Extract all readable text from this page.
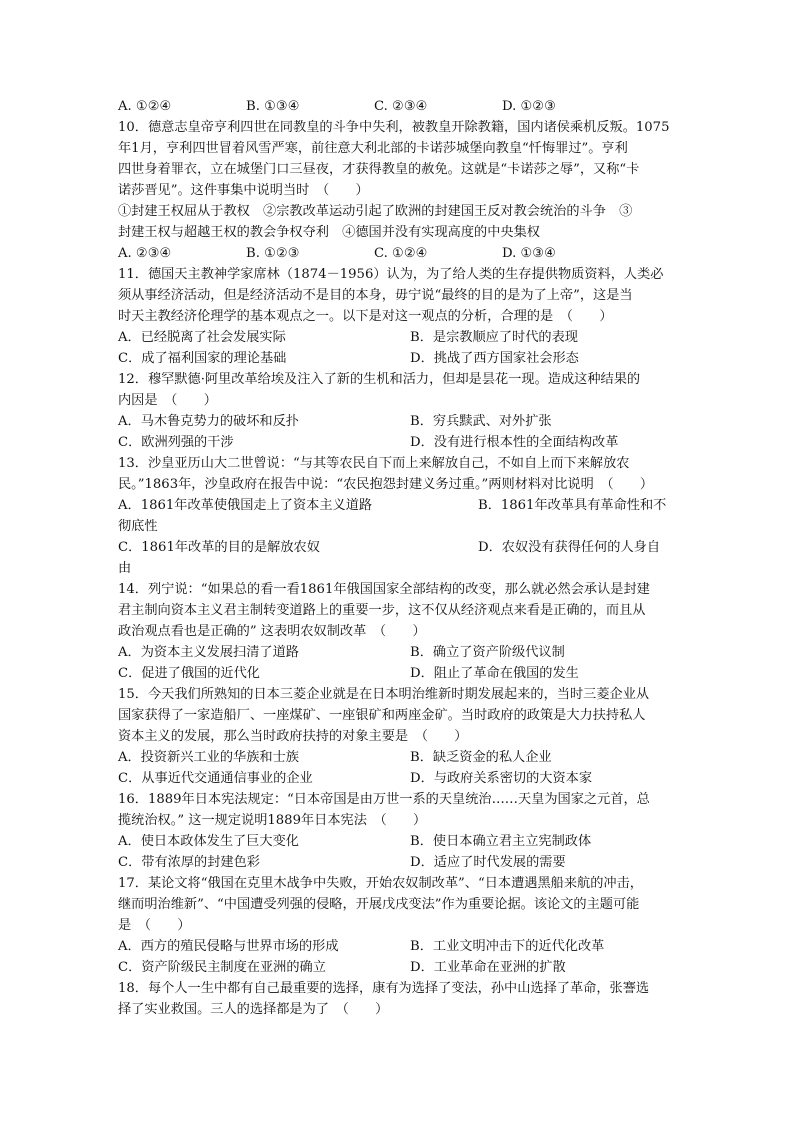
A. ①②④	B. ①③④	C. ②③④	D. ①②③
10．德意志皇帝亨利四世在同教皇的斗争中失利，被教皇开除教籍，国内诸侯乘机反叛。1075
年1月，亨利四世冒着风雪严寒，前往意大利北部的卡诺莎城堡向教皇“忏悔罪过”。亨利
四世身着罪衣，立在城堡门口三昼夜，才获得教皇的赦免。这就是“卡诺莎之辱”，又称“卡
诺莎晋见”。这件事集中说明当时　（　　）
①封建王权屈从于教权　②宗教改革运动引起了欧洲的封建国王反对教会统治的斗争　③
封建王权与超越王权的教会争权夺利　④德国并没有实现高度的中央集权
A. ②③④	B. ①②③	C. ①②④	D. ①③④
11．德国天主教神学家席林（1874－1956）认为，为了给人类的生存提供物质资料，人类必
须从事经济活动，但是经济活动不是目的本身，毋宁说“最终的目的是为了上帝”，这是当
时天主教经济伦理学的基本观点之一。以下是对这一观点的分析，合理的是　（　　）
A．已经脱离了社会发展实际	B．是宗教顺应了时代的表现
C．成了福利国家的理论基础	D．挑战了西方国家社会形态
12．穆罕默德·阿里改革给埃及注入了新的生机和活力，但却是昙花一现。造成这种结果的
内因是　（　　）
A．马木鲁克势力的破坏和反扑	B．穷兵黩武、对外扩张
C．欧洲列强的干涉	D．没有进行根本性的全面结构改革
13．沙皇亚历山大二世曾说：“与其等农民自下而上来解放自己，不如自上而下来解放农
民。”1863年，沙皇政府在报告中说：“农民抱怨封建义务过重。”两则材料对比说明　（　　）
A．1861年改革使俄国走上了资本主义道路	B．1861年改革具有革命性和不
彻底性
C．1861年改革的目的是解放农奴	D．农奴没有获得任何的人身自
由
14．列宁说：“如果总的看一看1861年俄国国家全部结构的改变，那么就必然会承认是封建
君主制向资本主义君主制转变道路上的重要一步，这不仅从经济观点来看是正确的，而且从
政治观点看也是正确的” 这表明农奴制改革　（　　）
A．为资本主义发展扫清了道路	B．确立了资产阶级代议制
C．促进了俄国的近代化	D．阻止了革命在俄国的发生
15．今天我们所熟知的日本三菱企业就是在日本明治维新时期发展起来的，当时三菱企业从
国家获得了一家造船厂、一座煤矿、一座银矿和两座金矿。当时政府的政策是大力扶持私人
资本主义的发展，那么当时政府扶持的对象主要是　（　　）
A．投资新兴工业的华族和士族	B．缺乏资金的私人企业
C．从事近代交通通信事业的企业	D．与政府关系密切的大资本家
16．1889年日本宪法规定：“日本帝国是由万世一系的天皇统治……天皇为国家之元首，总
揽统治权。” 这一规定说明1889年日本宪法　（　　）
A．使日本政体发生了巨大变化	B．使日本确立君主立宪制政体
C．带有浓厚的封建色彩	D．适应了时代发展的需要
17．某论文将“俄国在克里木战争中失败，开始农奴制改革”、“日本遭遇黑船来航的冲击，
继而明治维新”、“中国遭受列强的侵略，开展戊戌变法”作为重要论据。该论文的主题可能
是　（　　）
A．西方的殖民侵略与世界市场的形成	B．工业文明冲击下的近代化改革
C．资产阶级民主制度在亚洲的确立	D．工业革命在亚洲的扩散
18．每个人一生中都有自己最重要的选择，康有为选择了变法，孙中山选择了革命，张謇选
择了实业救国。三人的选择都是为了　（　　）
